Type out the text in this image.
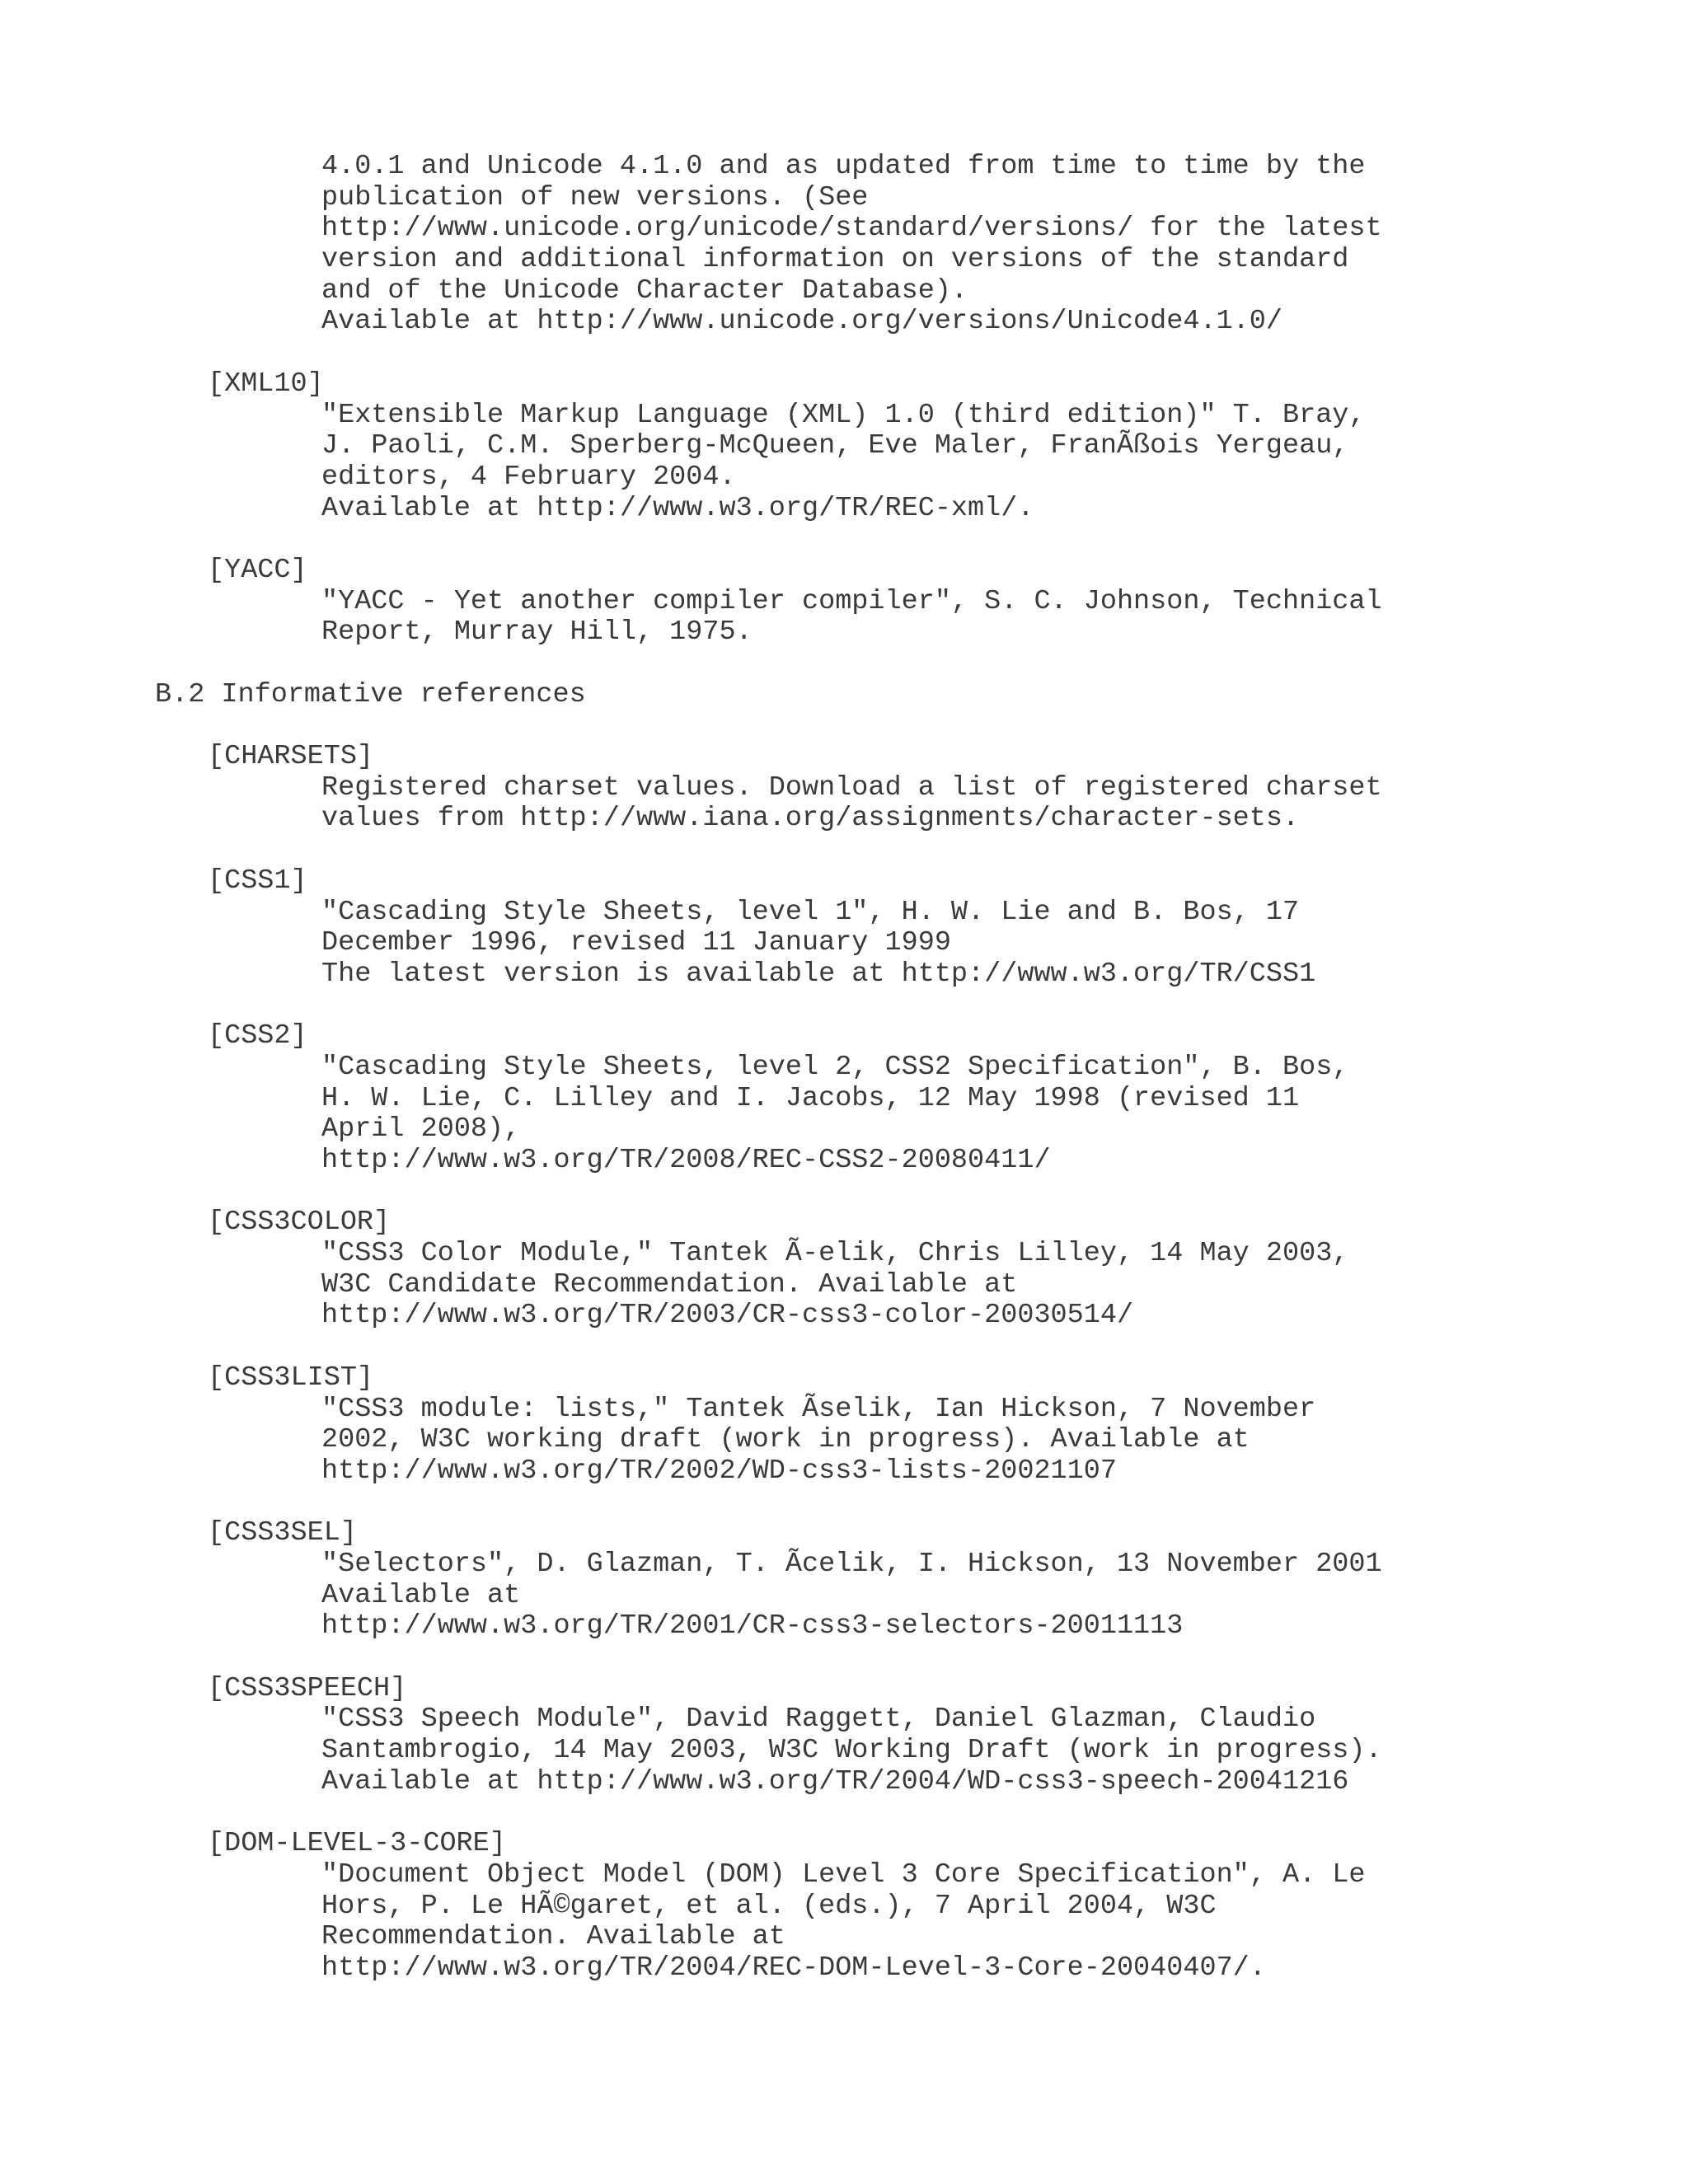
4.0.1 and Unicode 4.1.0 and as updated from time to time by the
publication of new versions. (See
http://www.unicode.org/unicode/standard/versions/ for the latest
version and additional information on versions of the standard
and of the Unicode Character Database).
Available at http://www.unicode.org/versions/Unicode4.1.0/
[XML10]
"Extensible Markup Language (XML) 1.0 (third edition)" T. Bray,
J. Paoli, C.M. Sperberg-McQueen, Eve Maler, FranÃßois Yergeau,
editors, 4 February 2004.
Available at http://www.w3.org/TR/REC-xml/.
[YACC]
"YACC - Yet another compiler compiler", S. C. Johnson, Technical
Report, Murray Hill, 1975.
B.2 Informative references
[CHARSETS]
Registered charset values. Download a list of registered charset
values from http://www.iana.org/assignments/character-sets.
[CSS1]
"Cascading Style Sheets, level 1", H. W. Lie and B. Bos, 17
December 1996, revised 11 January 1999
The latest version is available at http://www.w3.org/TR/CSS1
[CSS2]
"Cascading Style Sheets, level 2, CSS2 Specification", B. Bos,
H. W. Lie, C. Lilley and I. Jacobs, 12 May 1998 (revised 11
April 2008),
http://www.w3.org/TR/2008/REC-CSS2-20080411/
[CSS3COLOR]
"CSS3 Color Module," Tantek Ã-elik, Chris Lilley, 14 May 2003,
W3C Candidate Recommendation. Available at
http://www.w3.org/TR/2003/CR-css3-color-20030514/
[CSS3LIST]
"CSS3 module: lists," Tantek Ãselik, Ian Hickson, 7 November
2002, W3C working draft (work in progress). Available at
http://www.w3.org/TR/2002/WD-css3-lists-20021107
[CSS3SEL]
"Selectors", D. Glazman, T. Ãcelik, I. Hickson, 13 November 2001
Available at
http://www.w3.org/TR/2001/CR-css3-selectors-20011113
[CSS3SPEECH]
"CSS3 Speech Module", David Raggett, Daniel Glazman, Claudio
Santambrogio, 14 May 2003, W3C Working Draft (work in progress).
Available at http://www.w3.org/TR/2004/WD-css3-speech-20041216
[DOM-LEVEL-3-CORE]
"Document Object Model (DOM) Level 3 Core Specification", A. Le
Hors, P. Le HÃ©garet, et al. (eds.), 7 April 2004, W3C
Recommendation. Available at
http://www.w3.org/TR/2004/REC-DOM-Level-3-Core-20040407/.
